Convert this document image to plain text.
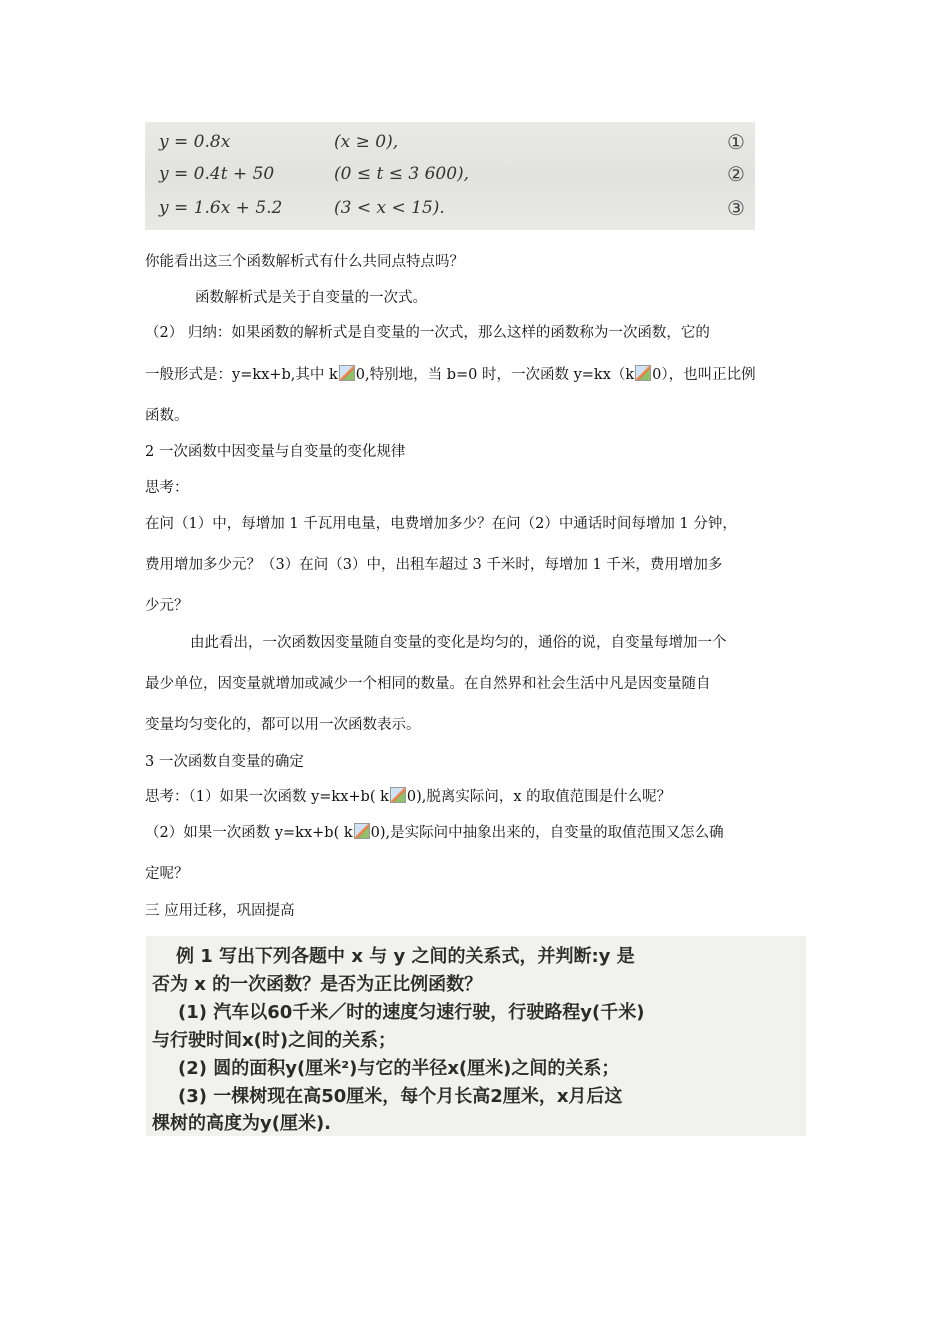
y = 0.8x	(x ≥ 0),	①
y = 0.4t + 50	(0 ≤ t ≤ 3 600),	②
y = 1.6x + 5.2	(3 < x < 15).	③
你能看出这三个函数解析式有什么共同点特点吗？
函数解析式是关于自变量的一次式。
（2） 归纳：如果函数的解析式是自变量的一次式，那么这样的函数称为一次函数，它的
一般形式是：y=kx+b,其中 k 0,特别地，当 b=0 时，一次函数 y=kx（k 0），也叫正比例
函数。
2 一次函数中因变量与自变量的变化规律
思考：
在问（1）中，每增加 1 千瓦用电量，电费增加多少？在问（2）中通话时间每增加 1 分钟，
费用增加多少元？（3）在问（3）中，出租车超过 3 千米时，每增加 1 千米，费用增加多
少元？
由此看出，一次函数因变量随自变量的变化是均匀的，通俗的说，自变量每增加一个
最少单位，因变量就增加或减少一个相同的数量。在自然界和社会生活中凡是因变量随自
变量均匀变化的，都可以用一次函数表示。
3 一次函数自变量的确定
思考：（1）如果一次函数 y=kx+b( k 0),脱离实际问，x 的取值范围是什么呢？
（2）如果一次函数 y=kx+b( k 0),是实际问中抽象出来的，自变量的取值范围又怎么确
定呢？
三 应用迁移，巩固提高
例 1 写出下列各题中 x 与 y 之间的关系式，并判断:y 是
否为 x 的一次函数？是否为正比例函数？
(1) 汽车以60千米／时的速度匀速行驶，行驶路程y(千米)
与行驶时间x(时)之间的关系；
(2) 圆的面积y(厘米²)与它的半径x(厘米)之间的关系；
(3) 一棵树现在高50厘米，每个月长高2厘米，x月后这
棵树的高度为y(厘米).
